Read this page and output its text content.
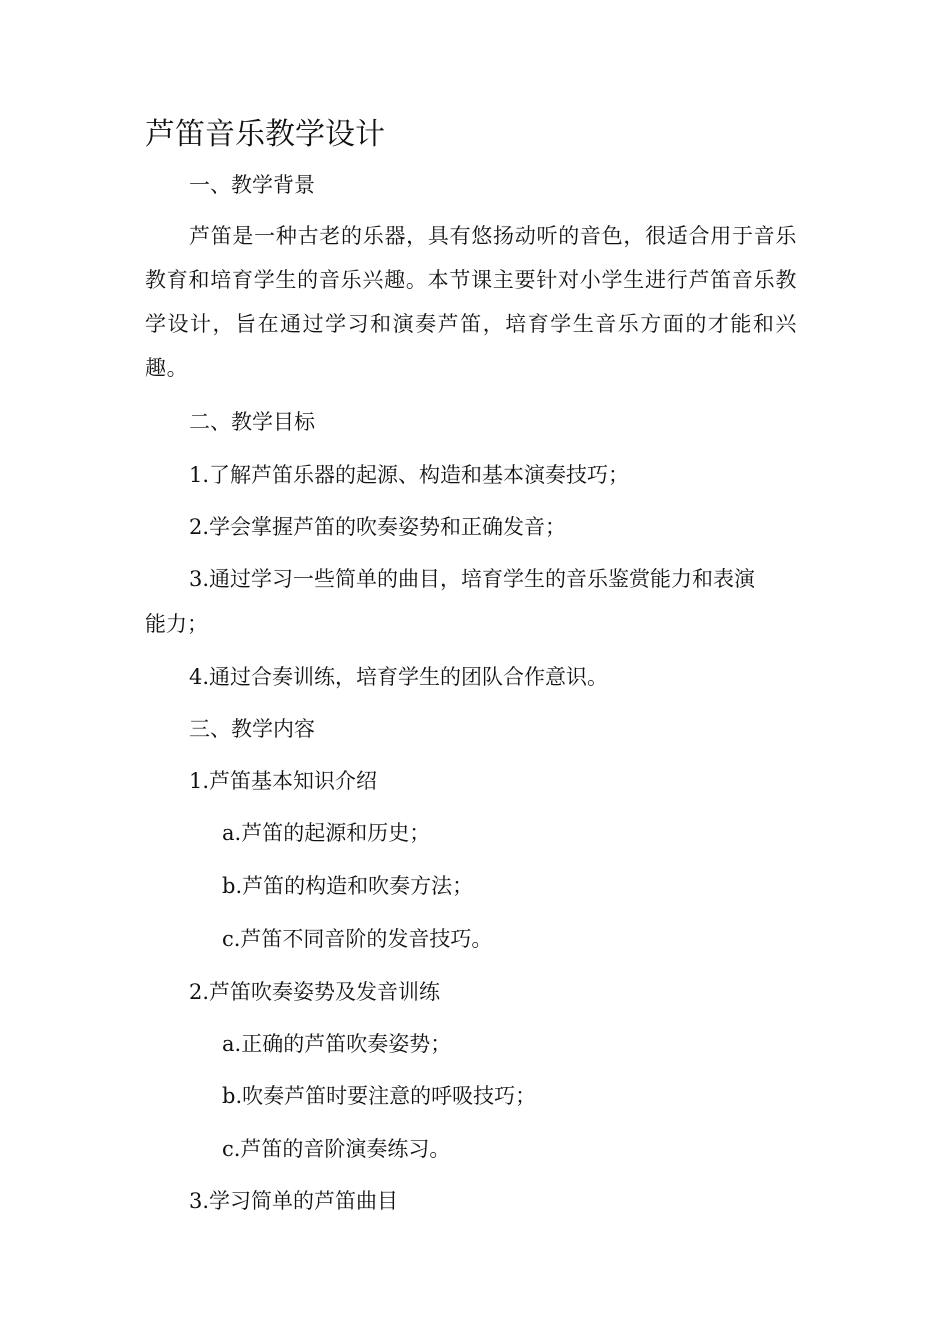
芦笛音乐教学设计
一、教学背景
芦笛是一种古老的乐器，具有悠扬动听的音色，很适合用于音乐教育和培育学生的音乐兴趣。本节课主要针对小学生进行芦笛音乐教学设计，旨在通过学习和演奏芦笛，培育学生音乐方面的才能和兴趣。
二、教学目标
1.了解芦笛乐器的起源、构造和基本演奏技巧；
2.学会掌握芦笛的吹奏姿势和正确发音；
3.通过学习一些简单的曲目，培育学生的音乐鉴赏能力和表演
能力；
4.通过合奏训练，培育学生的团队合作意识。
三、教学内容
1.芦笛基本知识介绍
a.芦笛的起源和历史；
b.芦笛的构造和吹奏方法；
c.芦笛不同音阶的发音技巧。
2.芦笛吹奏姿势及发音训练
a.正确的芦笛吹奏姿势；
b.吹奏芦笛时要注意的呼吸技巧；
c.芦笛的音阶演奏练习。
3.学习简单的芦笛曲目
